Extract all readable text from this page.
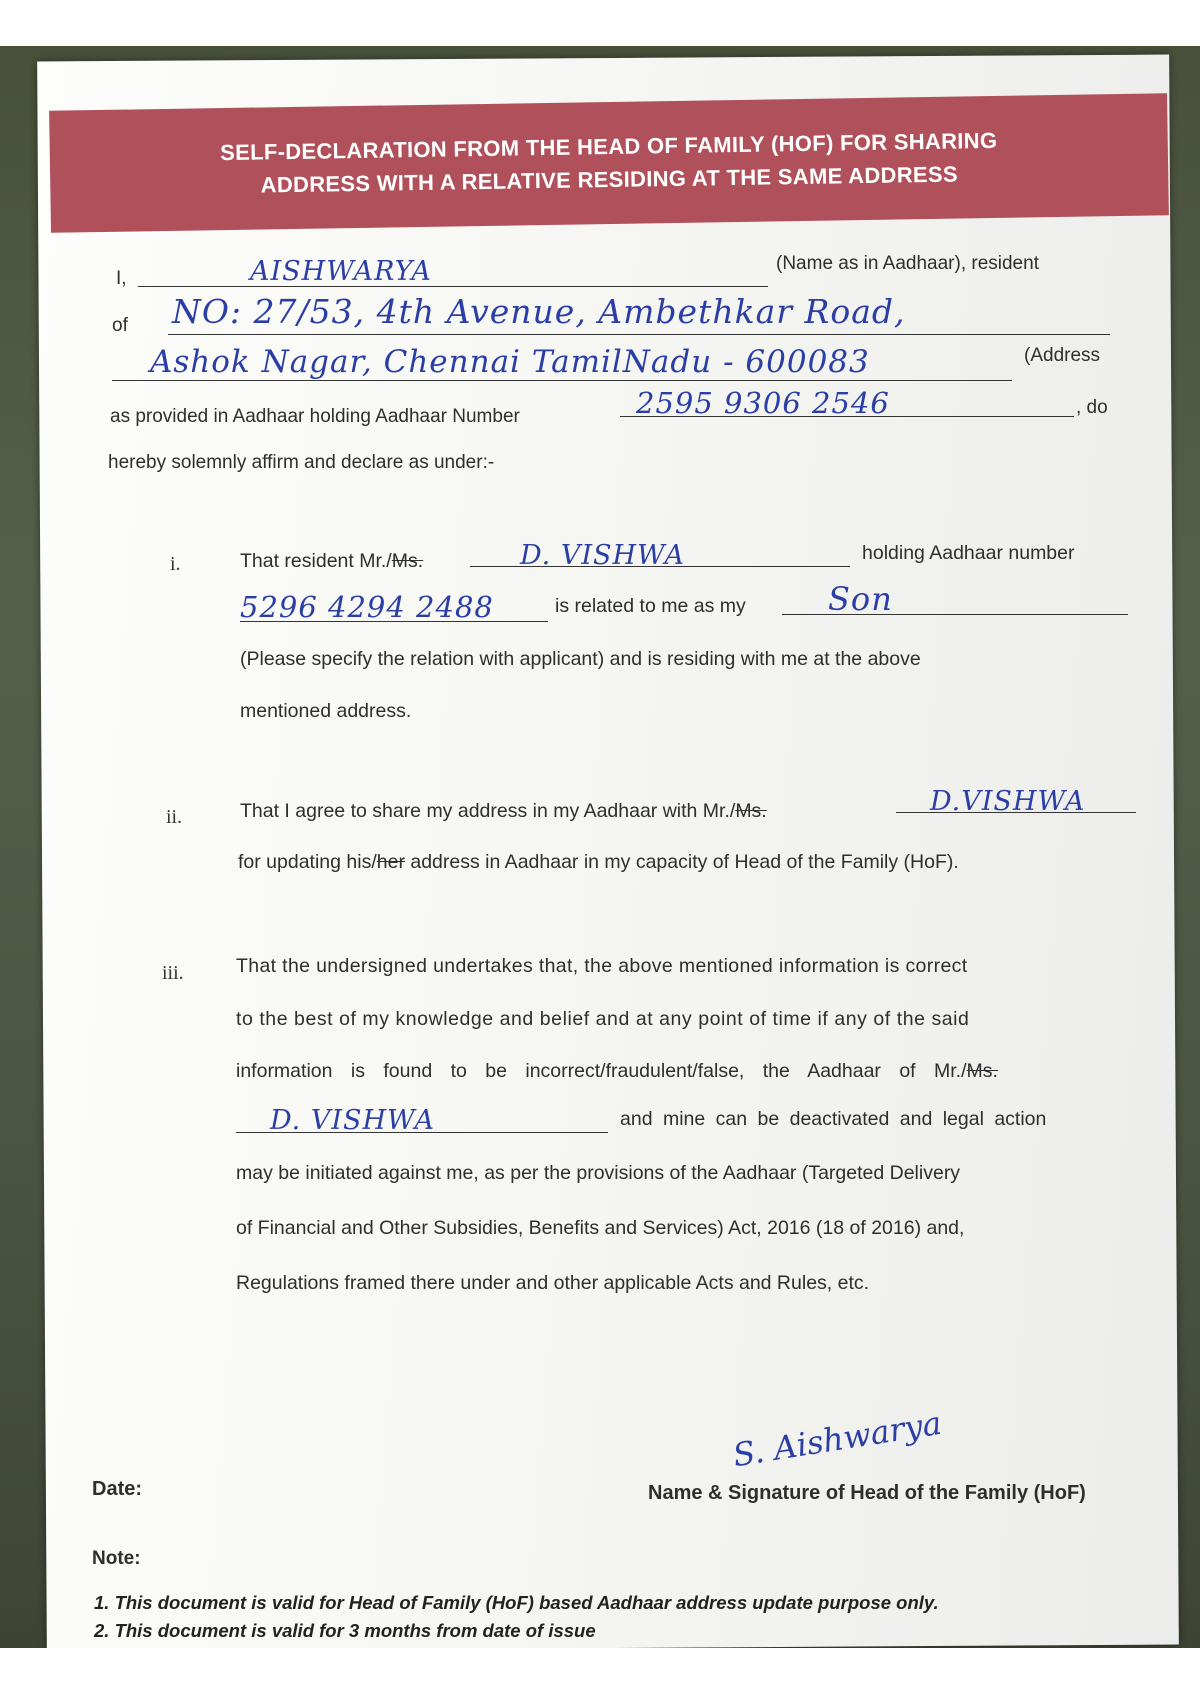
SELF-DECLARATION FROM THE HEAD OF FAMILY (HOF) FOR SHARING
ADDRESS WITH A RELATIVE RESIDING AT THE SAME ADDRESS
I,	AISHWARYA	(Name as in Aadhaar), resident
of NO: 27/53, 4th Avenue, Ambethkar Road,
Ashok Nagar, Chennai TamilNadu - 600083	(Address
as provided in Aadhaar holding Aadhaar Number	2595 9306 2546	, do
hereby solemnly affirm and declare as under:-
i.	That resident Mr./Ms.	D. VISHWA	holding Aadhaar number
5296 4294 2488	is related to me as my	Son
(Please specify the relation with applicant) and is residing with me at the above
mentioned address.
ii.	That I agree to share my address in my Aadhaar with Mr./Ms.	D.VISHWA
for updating his/her address in Aadhaar in my capacity of Head of the Family (HoF).
iii.	That the undersigned undertakes that, the above mentioned information is correct
to the best of my knowledge and belief and at any point of time if any of the said
information is found to be incorrect/fraudulent/false, the Aadhaar of Mr./Ms.
D. VISHWA	and mine can be deactivated and legal action
may be initiated against me, as per the provisions of the Aadhaar (Targeted Delivery
of Financial and Other Subsidies, Benefits and Services) Act, 2016 (18 of 2016) and,
Regulations framed there under and other applicable Acts and Rules, etc.
Date:
S. Aishwarya
Name & Signature of Head of the Family (HoF)
Note:
1. This document is valid for Head of Family (HoF) based Aadhaar address update purpose only.
2. This document is valid for 3 months from date of issue
